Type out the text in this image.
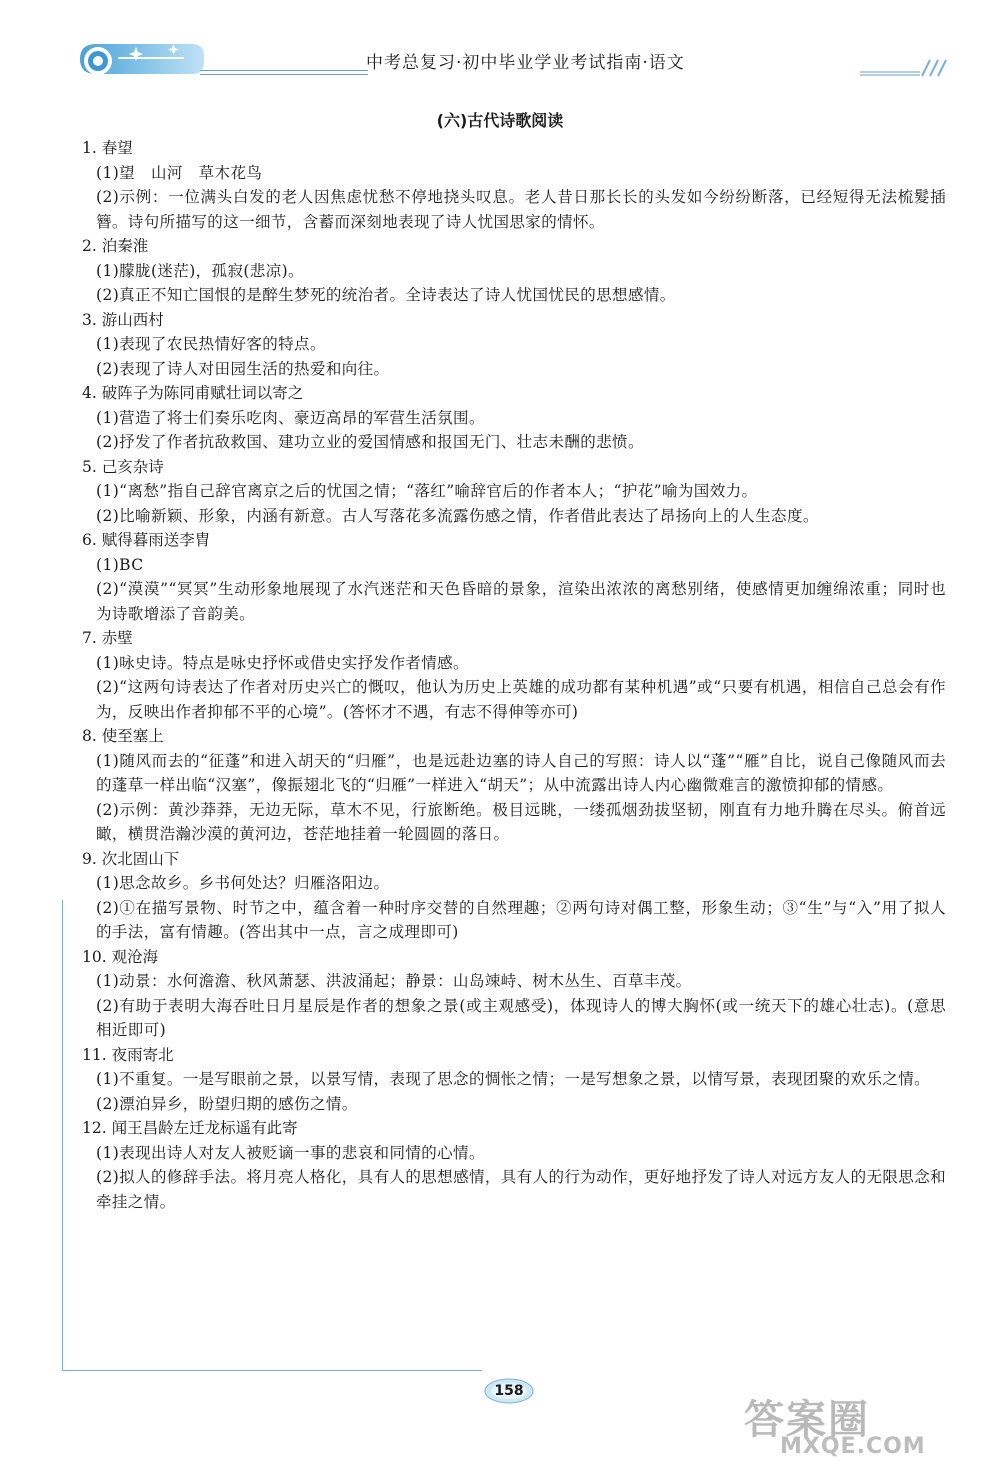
中考总复习·初中毕业学业考试指南·语文
(六)古代诗歌阅读

1. 春望

(1)望　山河　草木花鸟

(2)示例：一位满头白发的老人因焦虑忧愁不停地挠头叹息。老人昔日那长长的头发如今纷纷断落，已经短得无法梳髮插簪。诗句所描写的这一细节，含蓄而深刻地表现了诗人忧国思家的情怀。

2. 泊秦淮

(1)朦胧(迷茫)，孤寂(悲凉)。

(2)真正不知亡国恨的是醉生梦死的统治者。全诗表达了诗人忧国忧民的思想感情。

3. 游山西村

(1)表现了农民热情好客的特点。

(2)表现了诗人对田园生活的热爱和向往。

4. 破阵子为陈同甫赋壮词以寄之

(1)营造了将士们奏乐吃肉、豪迈高昂的军营生活氛围。

(2)抒发了作者抗敌救国、建功立业的爱国情感和报国无门、壮志未酬的悲愤。

5. 己亥杂诗

(1)“离愁”指自己辞官离京之后的忧国之情；“落红”喻辞官后的作者本人；“护花”喻为国效力。

(2)比喻新颖、形象，内涵有新意。古人写落花多流露伤感之情，作者借此表达了昂扬向上的人生态度。

6. 赋得暮雨送李胄

(1)BC

(2)“漠漠”“冥冥”生动形象地展现了水汽迷茫和天色昏暗的景象，渲染出浓浓的离愁别绪，使感情更加缠绵浓重；同时也为诗歌增添了音韵美。

7. 赤壁

(1)咏史诗。特点是咏史抒怀或借史实抒发作者情感。

(2)“这两句诗表达了作者对历史兴亡的慨叹，他认为历史上英雄的成功都有某种机遇”或“只要有机遇，相信自己总会有作为，反映出作者抑郁不平的心境”。(答怀才不遇，有志不得伸等亦可)

8. 使至塞上

(1)随风而去的“征蓬”和进入胡天的“归雁”，也是远赴边塞的诗人自己的写照：诗人以“蓬”“雁”自比，说自己像随风而去的蓬草一样出临“汉塞”，像振翅北飞的“归雁”一样进入“胡天”；从中流露出诗人内心幽微难言的激愤抑郁的情感。

(2)示例：黄沙莽莽，无边无际，草木不见，行旅断绝。极目远眺，一缕孤烟劲拔坚韧，刚直有力地升腾在尽头。俯首远瞰，横贯浩瀚沙漠的黄河边，苍茫地挂着一轮圆圆的落日。

9. 次北固山下

(1)思念故乡。乡书何处达？归雁洛阳边。

(2)①在描写景物、时节之中，蕴含着一种时序交替的自然理趣；②两句诗对偶工整，形象生动；③“生”与“入”用了拟人的手法，富有情趣。(答出其中一点，言之成理即可)

10. 观沧海

(1)动景：水何澹澹、秋风萧瑟、洪波涌起；静景：山岛竦峙、树木丛生、百草丰茂。

(2)有助于表明大海吞吐日月星辰是作者的想象之景(或主观感受)，体现诗人的博大胸怀(或一统天下的雄心壮志)。(意思相近即可)

11. 夜雨寄北

(1)不重复。一是写眼前之景，以景写情，表现了思念的惆怅之情；一是写想象之景，以情写景，表现团聚的欢乐之情。

(2)漂泊异乡，盼望归期的感伤之情。

12. 闻王昌龄左迁龙标遥有此寄

(1)表现出诗人对友人被贬谪一事的悲哀和同情的心情。

(2)拟人的修辞手法。将月亮人格化，具有人的思想感情，具有人的行为动作，更好地抒发了诗人对远方友人的无限思念和牵挂之情。

158
答案圈
MXQE.COM
